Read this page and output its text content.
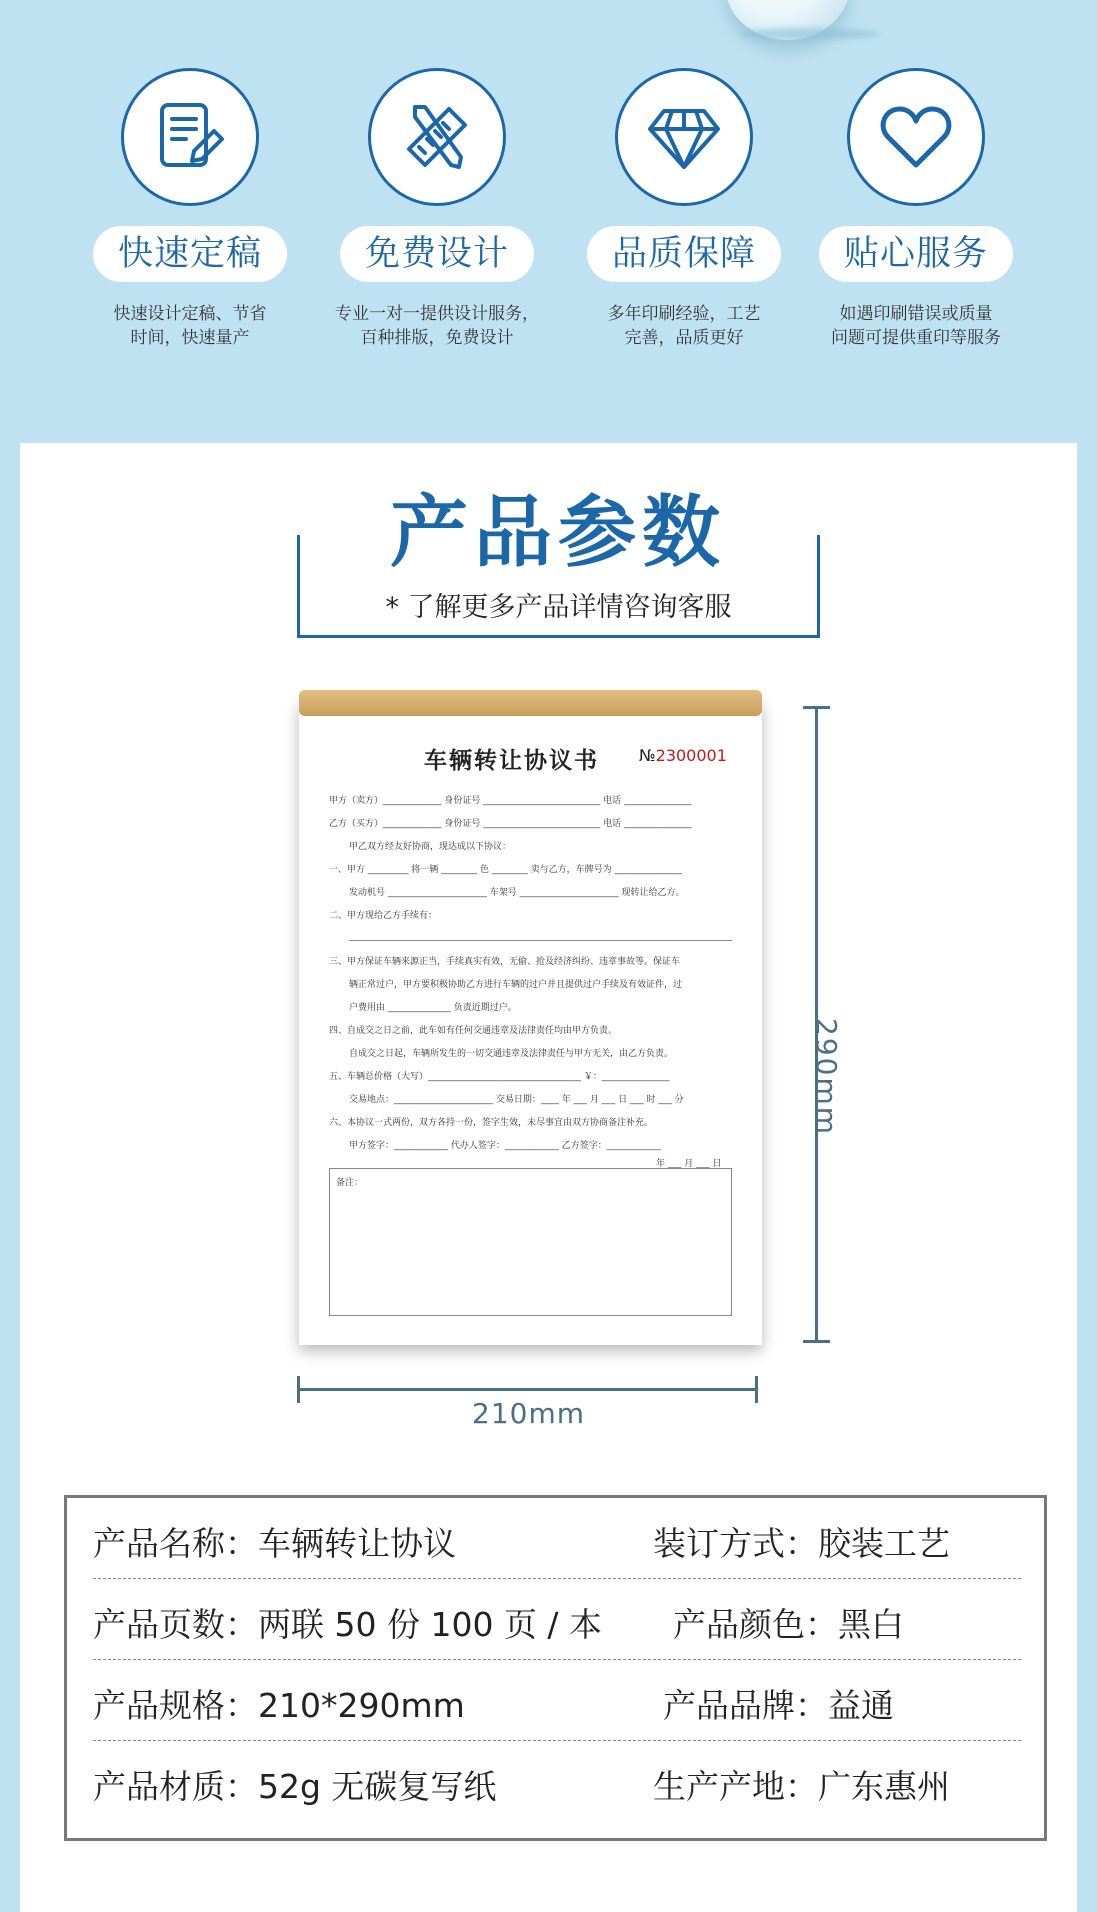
快速定稿
快速设计定稿、节省
时间，快速量产
免费设计
专业一对一提供设计服务，
百种排版，免费设计
品质保障
多年印刷经验，工艺
完善，品质更好
贴心服务
如遇印刷错误或质量
问题可提供重印等服务
产品参数
* 了解更多产品详情咨询客服
车辆转让协议书	№2300001
甲方（卖方）_____________ 身份证号 __________________________ 电话 _______________
乙方（买方）_____________ 身份证号 __________________________ 电话 _______________
甲乙双方经友好协商，现达成以下协议：
一、甲方 _________ 将一辆 ________ 色 ________ 卖与乙方，车牌号为 _______________
发动机号 ______________________ 车架号 ______________________ 现转让给乙方。
二、甲方现给乙方手续有：
三、甲方保证车辆来源正当，手续真实有效，无偷、抢及经济纠纷、违章事故等。保证车
辆正常过户，甲方要积极协助乙方进行车辆的过户并且提供过户手续及有效证件，过
户费用由 ______________ 负责近期过户。
四、自成交之日之前，此车如有任何交通违章及法律责任均由甲方负责。
自成交之日起，车辆所发生的一切交通违章及法律责任与甲方无关，由乙方负责。
五、车辆总价格（大写）__________________________________ ￥：_______________
交易地点：______________________ 交易日期：____ 年 ___ 月 ___ 日 ___ 时 ___ 分
六、本协议一式两份，双方各持一份，签字生效，未尽事宜由双方协商备注补充。
甲方签字：____________ 代办人签字：____________ 乙方签字：____________
年 ___ 月 ___ 日
备注：
290mm
210mm
产品名称：车辆转让协议	装订方式：胶装工艺
产品页数：两联 50 份 100 页 / 本 产品颜色：黑白
产品规格：210*290mm	产品品牌：益通
产品材质：52g 无碳复写纸	生产产地：广东惠州
